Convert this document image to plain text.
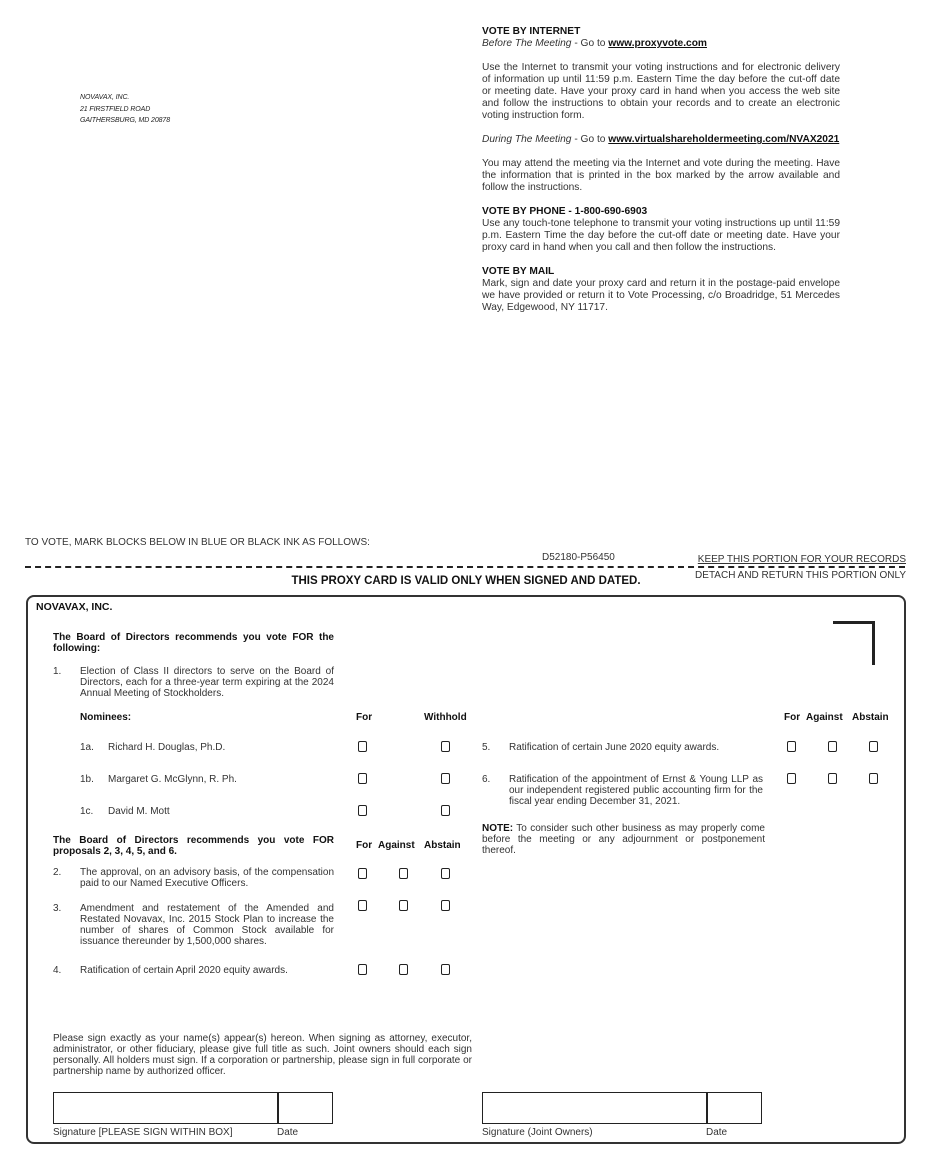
NOVAVAX, INC.
21 FIRSTFIELD ROAD
GAITHERSBURG, MD 20878
VOTE BY INTERNET
Before The Meeting - Go to www.proxyvote.com

Use the Internet to transmit your voting instructions and for electronic delivery of information up until 11:59 p.m. Eastern Time the day before the cut-off date or meeting date. Have your proxy card in hand when you access the web site and follow the instructions to obtain your records and to create an electronic voting instruction form.

During The Meeting - Go to www.virtualshareholdermeeting.com/NVAX2021

You may attend the meeting via the Internet and vote during the meeting. Have the information that is printed in the box marked by the arrow available and follow the instructions.

VOTE BY PHONE - 1-800-690-6903

Use any touch-tone telephone to transmit your voting instructions up until 11:59 p.m. Eastern Time the day before the cut-off date or meeting date. Have your proxy card in hand when you call and then follow the instructions.

VOTE BY MAIL

Mark, sign and date your proxy card and return it in the postage-paid envelope we have provided or return it to Vote Processing, c/o Broadridge, 51 Mercedes Way, Edgewood, NY 11717.

TO VOTE, MARK BLOCKS BELOW IN BLUE OR BLACK INK AS FOLLOWS:
D52180-P56450	KEEP THIS PORTION FOR YOUR RECORDS
DETACH AND RETURN THIS PORTION ONLY
THIS PROXY CARD IS VALID ONLY WHEN SIGNED AND DATED.
NOVAVAX, INC.
The Board of Directors recommends you vote FOR the following:
1. Election of Class II directors to serve on the Board of Directors, each for a three-year term expiring at the 2024 Annual Meeting of Stockholders.
Nominees:	For	Withhold
1a. Richard H. Douglas, Ph.D.
1b. Margaret G. McGlynn, R. Ph.
1c. David M. Mott
The Board of Directors recommends you vote FOR proposals 2, 3, 4, 5, and 6.
For Against Abstain
2. The approval, on an advisory basis, of the compensation paid to our Named Executive Officers.
3. Amendment and restatement of the Amended and Restated Novavax, Inc. 2015 Stock Plan to increase the number of shares of Common Stock available for issuance thereunder by 1,500,000 shares.
4. Ratification of certain April 2020 equity awards.
For Against Abstain
5. Ratification of certain June 2020 equity awards.
6. Ratification of the appointment of Ernst & Young LLP as our independent registered public accounting firm for the fiscal year ending December 31, 2021.
NOTE: To consider such other business as may properly come before the meeting or any adjournment or postponement thereof.
Please sign exactly as your name(s) appear(s) hereon. When signing as attorney, executor, administrator, or other fiduciary, please give full title as such. Joint owners should each sign personally. All holders must sign. If a corporation or partnership, please sign in full corporate or partnership name by authorized officer.
Signature [PLEASE SIGN WITHIN BOX]	Date	Signature (Joint Owners)	Date
